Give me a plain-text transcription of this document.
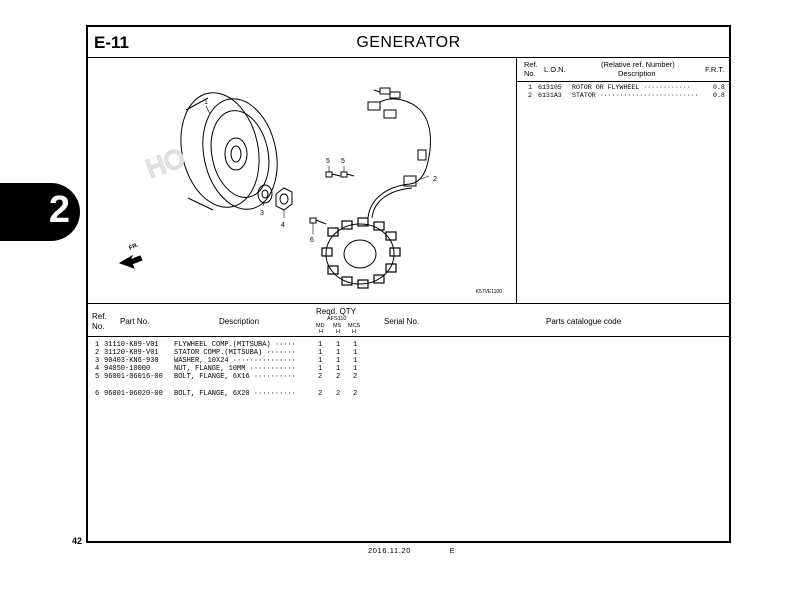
2
E-11	GENERATOR
HO
FR.
1
2
3
4
5 5
6
K57VE1100
Ref.
No. L.O.N.
(Relative ref. Number)
Description	F.R.T.
1 613105 ROTOR OR FLYWHEEL ············	0.8
2 6131A3 STATOR ························· 0.8
Ref.
No.
Part No.	Description
Reqd. QTY
AFS110
MD MS MCS
H H H
Serial No.	Parts catalogue code
1 31110-K89-V01 FLYWHEEL COMP.(MITSUBA) ·····	1 1 1
2 31120-K89-V01 STATOR COMP.(MITSUBA) ·······	1 1 1
3 90403-KN6-930 WASHER, 10X24 ···············	1 1 1
4 94050-10000	NUT, FLANGE, 10MM ···········	1 1 1
5 96001-06016-00 BOLT, FLANGE, 6X16 ··········	2 2 2
6 96001-06020-00 BOLT, FLANGE, 6X20 ··········	2 2 2
42
2016.11.20	E
